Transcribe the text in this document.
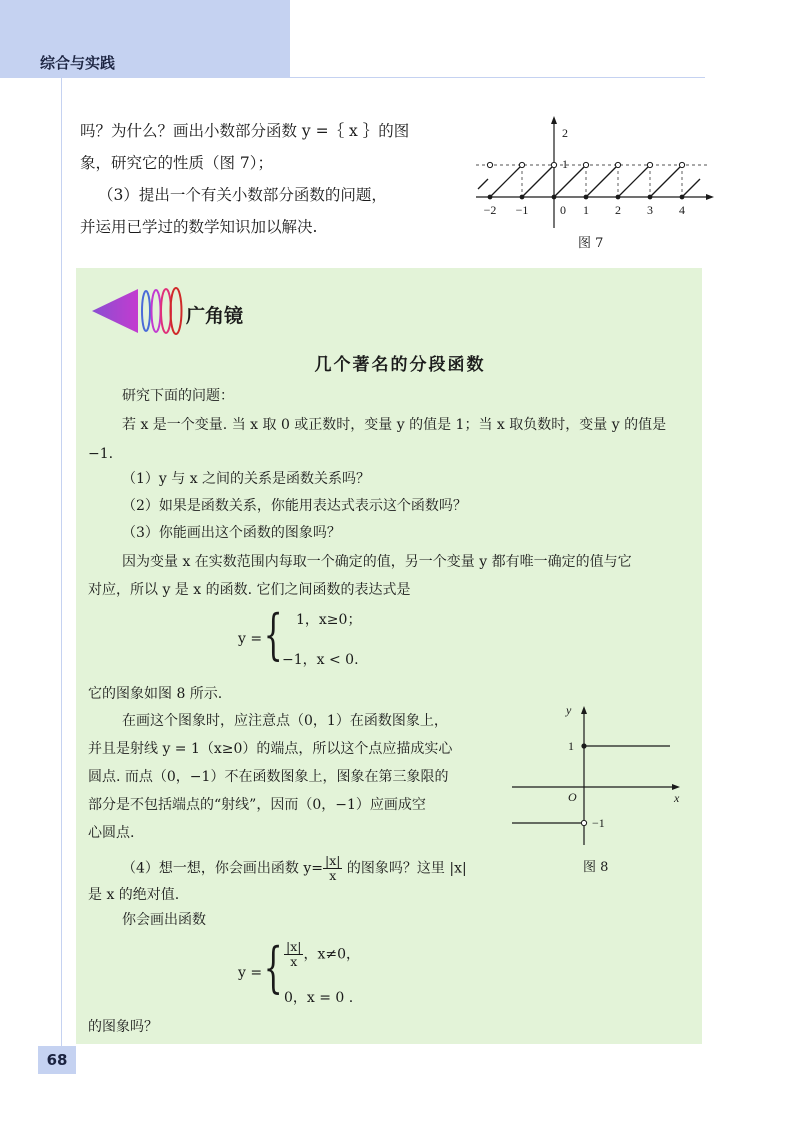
综合与实践
吗？为什么？画出小数部分函数 y =｛ x ｝的图
象，研究它的性质（图 7）；
（3）提出一个有关小数部分函数的问题，
并运用已学过的数学知识加以解决.
−2 −1	0 1 2 3 4
1
2
图 7
广角镜
几个著名的分段函数
研究下面的问题：
若 x 是一个变量. 当 x 取 0 或正数时，变量 y 的值是 1；当 x 取负数时，变量 y 的值是
−1.
（1）y 与 x 之间的关系是函数关系吗？
（2）如果是函数关系，你能用表达式表示这个函数吗？
（3）你能画出这个函数的图象吗？
因为变量 x 在实数范围内每取一个确定的值，另一个变量 y 都有唯一确定的值与它
对应，所以 y 是 x 的函数. 它们之间函数的表达式是
y = { 1，x≥0；
−1，x < 0.
它的图象如图 8 所示.
在画这个图象时，应注意点（0，1）在函数图象上，
并且是射线 y = 1（x≥0）的端点，所以这个点应描成实心
圆点. 而点（0，−1）不在函数图象上，图象在第三象限的
部分是不包括端点的“射线”，因而（0，−1）应画成空
心圆点.
（4）想一想，你会画出函数 $y= \frac{|x|}{x}$ 的图象吗？这里 |x|
是 x 的绝对值.
你会画出函数
y = { $\frac{|x|}{x}$ ，x≠0，
0，x = 0 .
的图象吗？
y
x
O
1
−1
图 8
68
